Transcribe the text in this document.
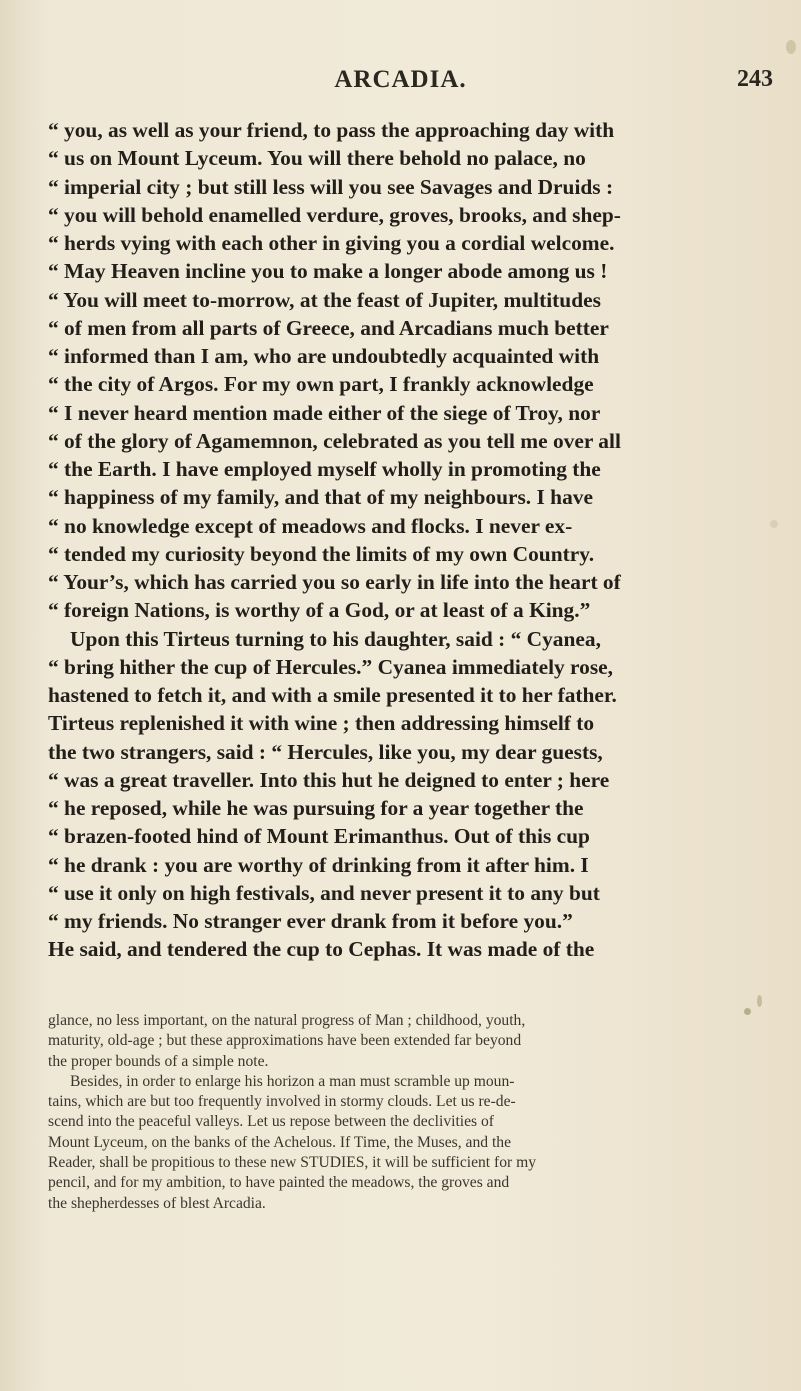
ARCADIA.	243
“ you, as well as your friend, to pass the approaching day with
“ us on Mount Lyceum. You will there behold no palace, no
“ imperial city ; but still less will you see Savages and Druids :
“ you will behold enamelled verdure, groves, brooks, and shep-
“ herds vying with each other in giving you a cordial welcome.
“ May Heaven incline you to make a longer abode among us !
“ You will meet to-morrow, at the feast of Jupiter, multitudes
“ of men from all parts of Greece, and Arcadians much better
“ informed than I am, who are undoubtedly acquainted with
“ the city of Argos. For my own part, I frankly acknowledge
“ I never heard mention made either of the siege of Troy, nor
“ of the glory of Agamemnon, celebrated as you tell me over all
“ the Earth. I have employed myself wholly in promoting the
“ happiness of my family, and that of my neighbours. I have
“ no knowledge except of meadows and flocks. I never ex-
“ tended my curiosity beyond the limits of my own Country.
“ Your’s, which has carried you so early in life into the heart of
“ foreign Nations, is worthy of a God, or at least of a King.”
Upon this Tirteus turning to his daughter, said : “ Cyanea,
“ bring hither the cup of Hercules.” Cyanea immediately rose,
hastened to fetch it, and with a smile presented it to her father.
Tirteus replenished it with wine ; then addressing himself to
the two strangers, said : “ Hercules, like you, my dear guests,
“ was a great traveller. Into this hut he deigned to enter ; here
“ he reposed, while he was pursuing for a year together the
“ brazen-footed hind of Mount Erimanthus. Out of this cup
“ he drank : you are worthy of drinking from it after him. I
“ use it only on high festivals, and never present it to any but
“ my friends. No stranger ever drank from it before you.”
He said, and tendered the cup to Cephas. It was made of the
glance, no less important, on the natural progress of Man ; childhood, youth,
maturity, old-age ; but these approximations have been extended far beyond
the proper bounds of a simple note.
Besides, in order to enlarge his horizon a man must scramble up moun-
tains, which are but too frequently involved in stormy clouds. Let us re-de-
scend into the peaceful valleys. Let us repose between the declivities of
Mount Lyceum, on the banks of the Achelous. If Time, the Muses, and the
Reader, shall be propitious to these new STUDIES, it will be sufficient for my
pencil, and for my ambition, to have painted the meadows, the groves and
the shepherdesses of blest Arcadia.
